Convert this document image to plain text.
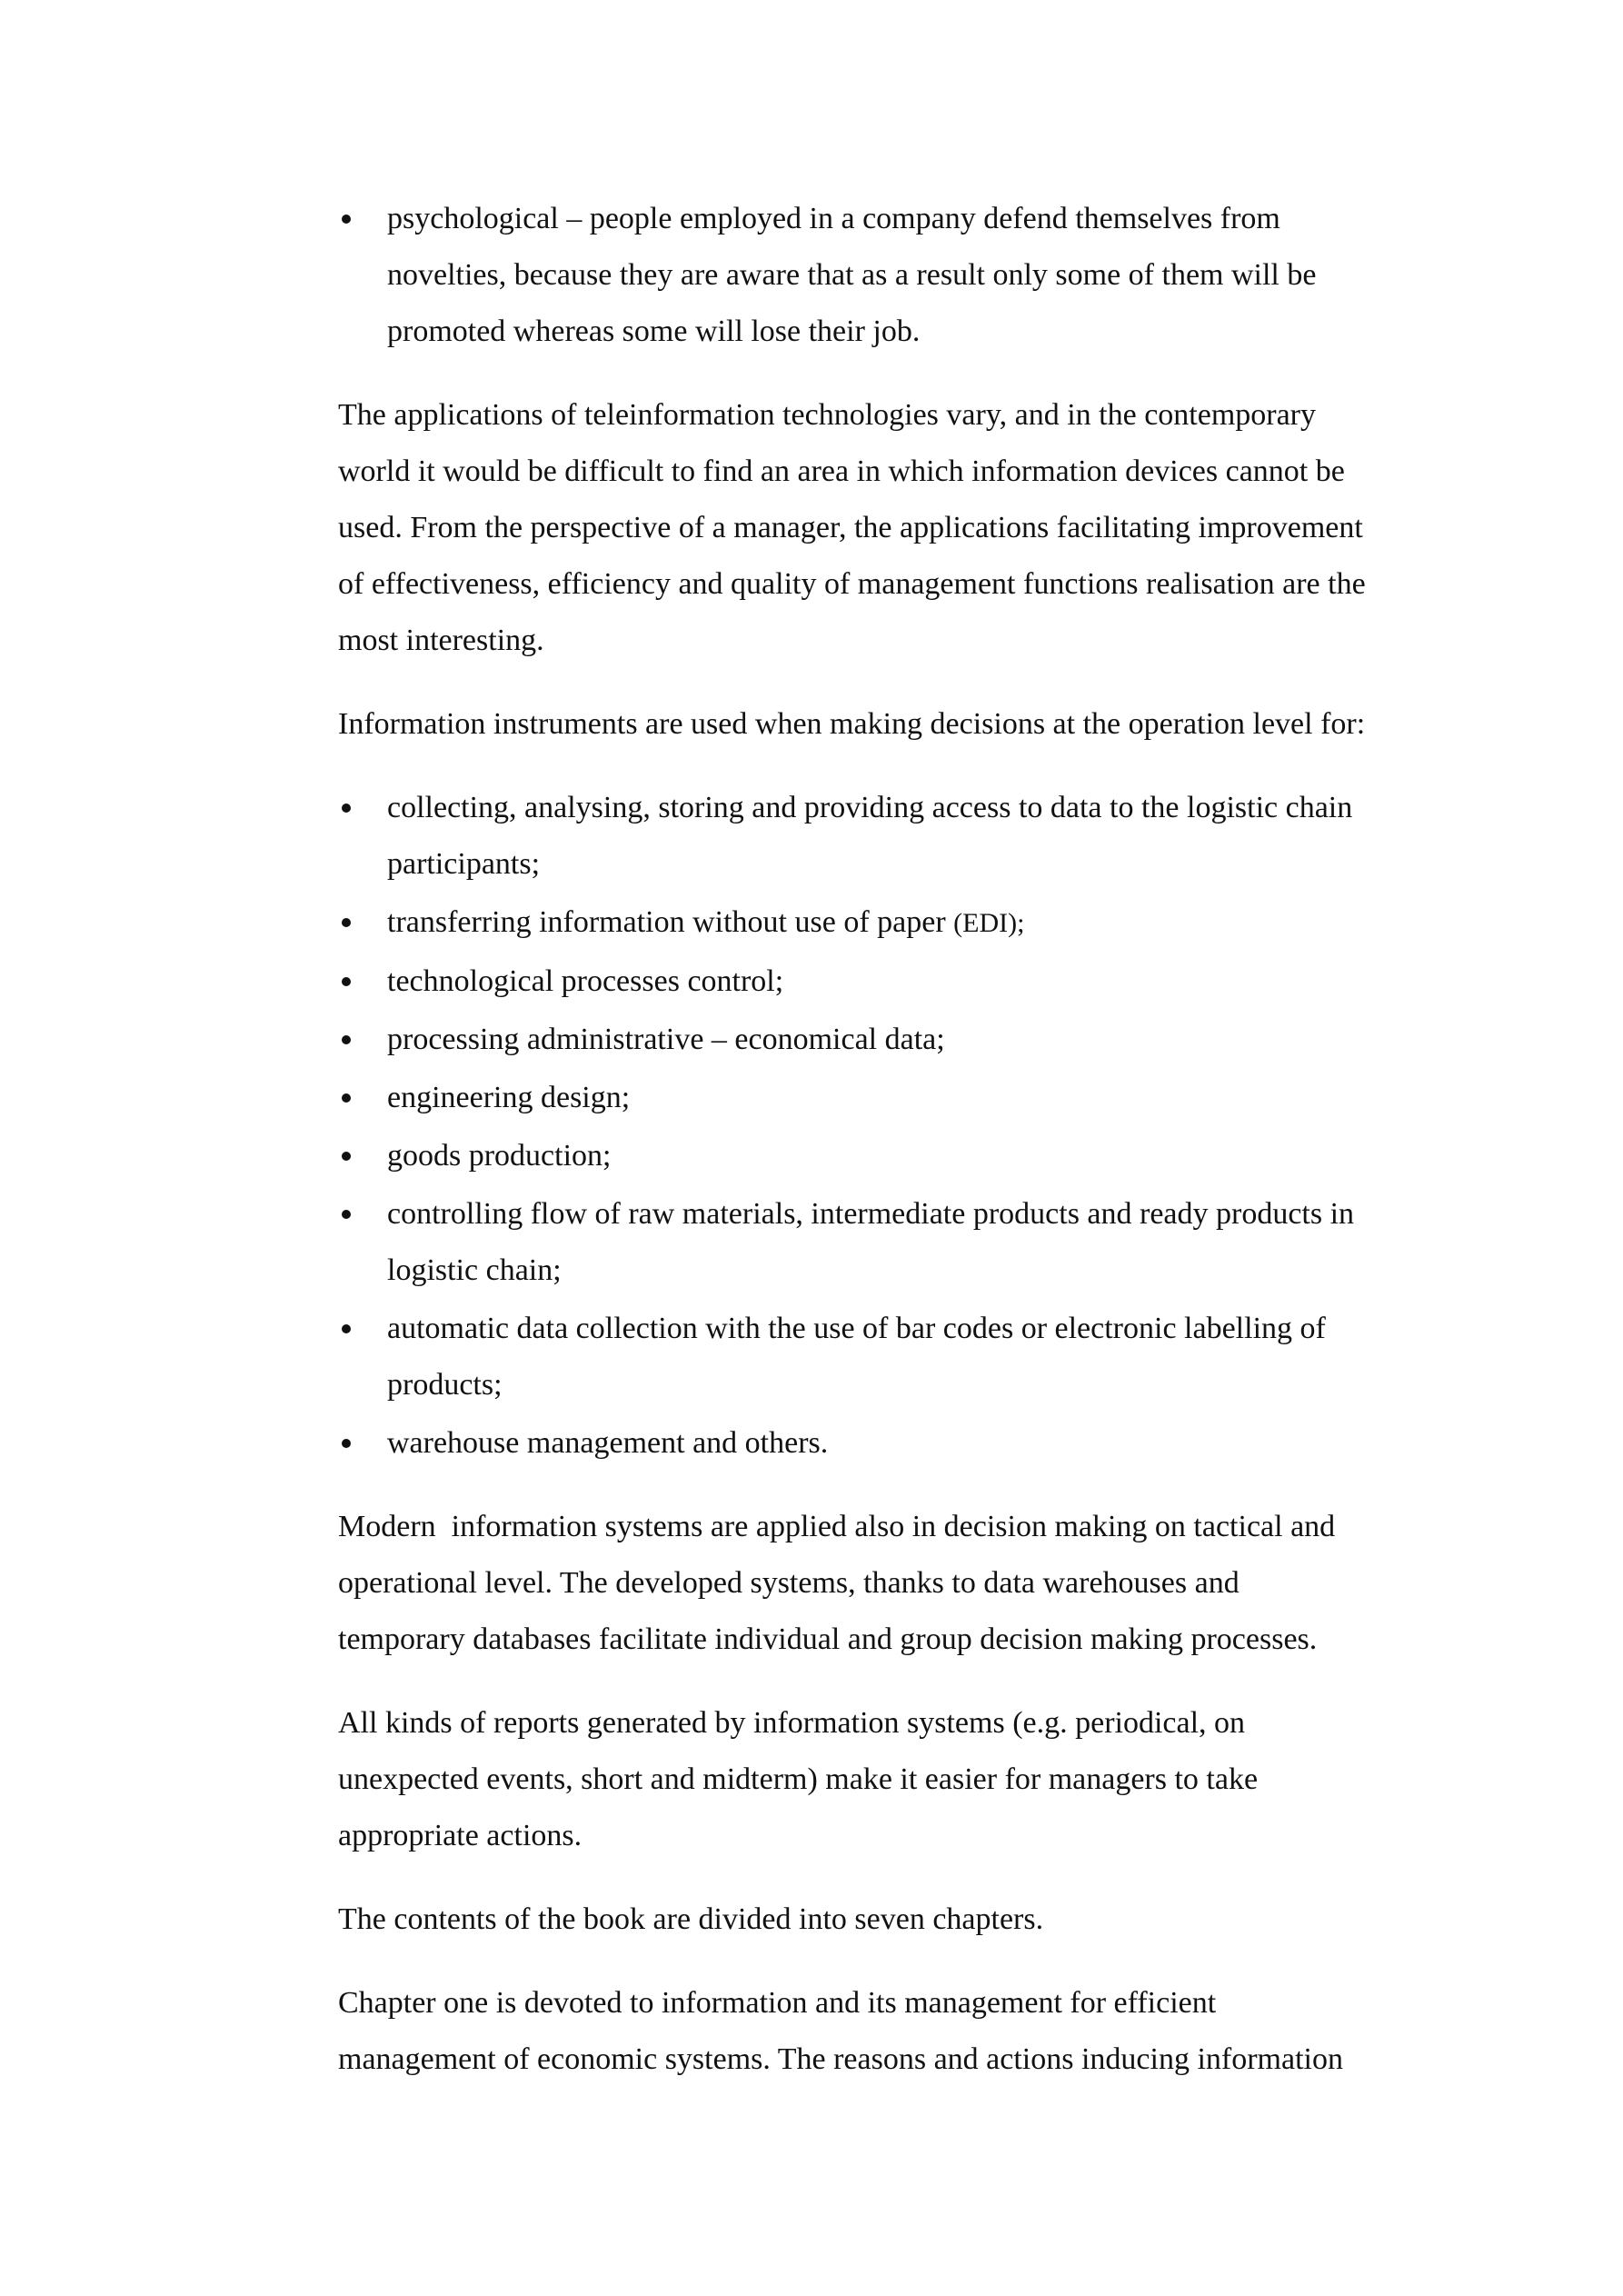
psychological – people employed in a company defend themselves from
novelties, because they are aware that as a result only some of them will be
promoted whereas some will lose their job.
The applications of teleinformation technologies vary, and in the contemporary
world it would be difficult to find an area in which information devices cannot be
used. From the perspective of a manager, the applications facilitating improvement
of effectiveness, efficiency and quality of management functions realisation are the
most interesting.
Information instruments are used when making decisions at the operation level for:
collecting, analysing, storing and providing access to data to the logistic chain
participants;
transferring information without use of paper (EDI);
technological processes control;
processing administrative – economical data;
engineering design;
goods production;
controlling flow of raw materials, intermediate products and ready products in
logistic chain;
automatic data collection with the use of bar codes or electronic labelling of
products;
warehouse management and others.
Modern  information systems are applied also in decision making on tactical and
operational level. The developed systems, thanks to data warehouses and
temporary databases facilitate individual and group decision making processes.
All kinds of reports generated by information systems (e.g. periodical, on
unexpected events, short and midterm) make it easier for managers to take
appropriate actions.
The contents of the book are divided into seven chapters.
Chapter one is devoted to information and its management for efficient
management of economic systems. The reasons and actions inducing information
